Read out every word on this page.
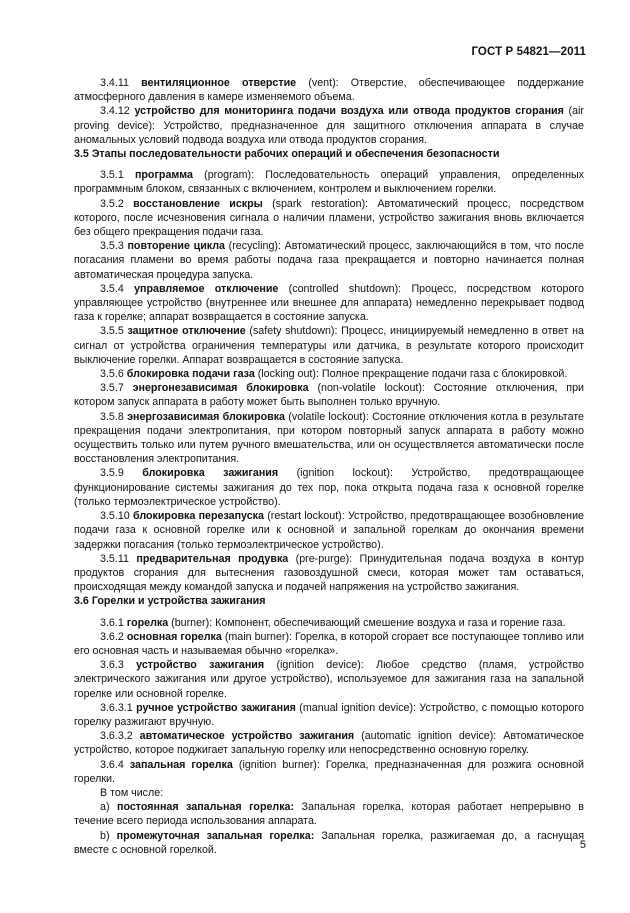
ГОСТ Р 54821—2011

3.4.11 вентиляционное отверстие (vent): Отверстие, обеспечивающее поддержание атмосферного давления в камере изменяемого объема.

3.4.12 устройство для мониторинга подачи воздуха или отвода продуктов сгорания (air proving device): Устройство, предназначенное для защитного отключения аппарата в случае аномальных условий подвода воздуха или отвода продуктов сгорания.

3.5 Этапы последовательности рабочих операций и обеспечения безопасности

3.5.1 программа (program): Последовательность операций управления, определенных программным блоком, связанных с включением, контролем и выключением горелки.

3.5.2 восстановление искры (spark restoration): Автоматический процесс, посредством которого, после исчезновения сигнала о наличии пламени, устройство зажигания вновь включается без общего прекращения подачи газа.

3.5.3 повторение цикла (recycling): Автоматический процесс, заключающийся в том, что после погасания пламени во время работы подача газа прекращается и повторно начинается полная автоматическая процедура запуска.

3.5.4 управляемое отключение (controlled shutdown): Процесс, посредством которого управляющее устройство (внутреннее или внешнее для аппарата) немедленно перекрывает подвод газа к горелке; аппарат возвращается в состояние запуска.

3.5.5 защитное отключение (safety shutdown): Процесс, инициируемый немедленно в ответ на сигнал от устройства ограничения температуры или датчика, в результате которого происходит выключение горелки. Аппарат возвращается в состояние запуска.

3.5.6 блокировка подачи газа (locking out): Полное прекращение подачи газа с блокировкой.

3.5.7 энергонезависимая блокировка (non-volatile lockout): Состояние отключения, при котором запуск аппарата в работу может быть выполнен только вручную.

3.5.8 энергозависимая блокировка (volatile lockout): Состояние отключения котла в результате прекращения подачи электропитания, при котором повторный запуск аппарата в работу можно осуществить только или путем ручного вмешательства, или он осуществляется автоматически после восстановления электропитания.

3.5.9 блокировка зажигания (ignition lockout): Устройство, предотвращающее функционирование системы зажигания до тех пор, пока открыта подача газа к основной горелке (только термоэлектрическое устройство).

3.5.10 блокировка перезапуска (restart lockout): Устройство, предотвращающее возобновление подачи газа к основной горелке или к основной и запальной горелкам до окончания времени задержки погасания (только термоэлектрическое устройство).

3.5.11 предварительная продувка (pre-purge): Принудительная подача воздуха в контур продуктов сгорания для вытеснения газовоздушной смеси, которая может там оставаться, происходящая между командой запуска и подачей напряжения на устройство зажигания.

3.6 Горелки и устройства зажигания

3.6.1 горелка (burner): Компонент, обеспечивающий смешение воздуха и газа и горение газа.

3.6.2 основная горелка (main burner): Горелка, в которой сгорает все поступающее топливо или его основная часть и называемая обычно «горелка».

3.6.3 устройство зажигания (ignition device): Любое средство (пламя, устройство электрического зажигания или другое устройство), используемое для зажигания газа на запальной горелке или основной горелке.

3.6.3.1 ручное устройство зажигания (manual ignition device): Устройство, с помощью которого горелку разжигают вручную.

3.6.3.2 автоматическое устройство зажигания (automatic ignition device): Автоматическое устройство, которое поджигает запальную горелку или непосредственно основную горелку.

3.6.4 запальная горелка (ignition burner): Горелка, предназначенная для розжига основной горелки.

В том числе:

a) постоянная запальная горелка: Запальная горелка, которая работает непрерывно в течение всего периода использования аппарата.

b) промежуточная запальная горелка: Запальная горелка, разжигаемая до, а гаснущая вместе с основной горелкой.	5
